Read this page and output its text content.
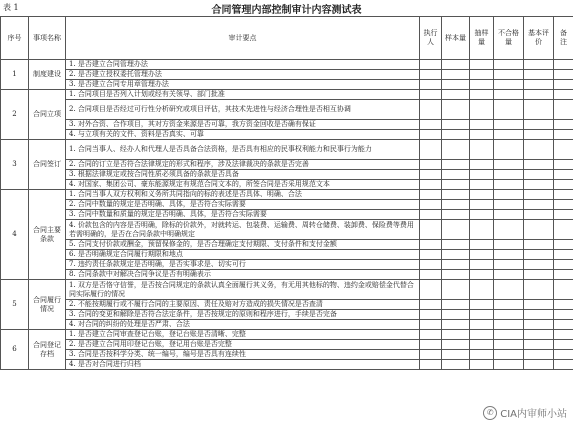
表 1	合同管理内部控制审计内容测试表
序号	事项名称	审计要点	执行人	样本量	抽样量	不合格量	基本评价	备注
1	制度建设	1. 是否建立合同管理办法						
		2. 是否建立授权委托管理办法						
		3. 是否建立合同专用章管理办法						
2	合同立项	1. 合同项目是否列入计划或经有关领导、部门批准						
		2. 合同项目是否经过可行性分析研究或项目评估，其技术先进性与经济合理性是否相互协调						
		3. 对外合资、合作项目，其对方资金来源是否可靠，我方资金回收是否确有保证						
		4. 与立项有关的文件、资料是否真实、可靠						
3	合同签订	1. 合同当事人、经办人和代理人是否具备合法资格，是否具有相应的民事权利能力和民事行为能力						
		2. 合同的订立是否符合法律规定的形式和程序，涉及法律裁决的条款是否完善						
		3. 根据法律规定或按合同性质必须具备的条款是否具备						
		4. 对国家、集团公司、豪东能源规定有规范合同文本的，所签合同是否采用规范文本						
4	合同主要条款	1. 合同当事人双方权利和义务所共同指向的标的表述是否具体、明确、合法						
		2. 合同中数量的规定是否明确、具体，是否符合实际需要						
		3. 合同中数量和质量的规定是否明确、具体，是否符合实际需要						
		4. 价款包含的内容是否明确，除标的价款外，对就转运、包装费、运输费、周转仓储费、装卸费、保险费等费用若需明确的，是否在合同条款中明确规定						
		5. 合同支付价款或酬金，预留保修金的，是否合理确定支付期限、支付条件和支付金额						
		6. 是否明确规定合同履行期限和地点						
		7. 违约责任条款规定是否明确，是否实事求是、切实可行						
		8. 合同条款中对解决合同争议是否有明确表示						
5	合同履行情况	1. 双方是否恪守信誉，是否按合同规定的条款认真全面履行其义务，有无用其他标的物、违约金或赔偿金代替合同实际履行的情况						
		2. 不能按期履行或不履行合同的主要原因、责任及赔对方造成的损失情况是否查清						
		3. 合同的变更和解除是否符合法定条件，是否按规定的原则和程序进行，手续是否完备						
		4. 对合同的纠纷的处理是否严肃、合法						
6	合同登记存档	1. 是否建立合同审查登记台账，登记台账是否清晰、完整						
		2. 是否建立合同用印登记台账，登记用台账是否完整						
		3. 合同是否按科学分类、统一编号，编号是否具有连续性						
		4. 是否对合同进行归档						
✆ CIA内审师小站
